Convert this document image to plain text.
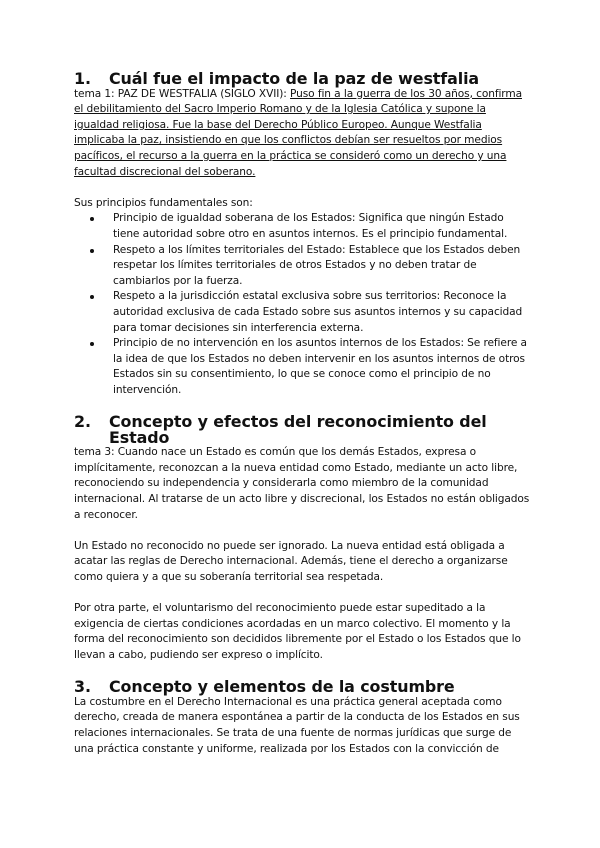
1. Cuál fue el impacto de la paz de westfalia

tema 1: PAZ DE WESTFALIA (SIGLO XVII): Puso fin a la guerra de los 30 años, confirma el debilitamiento del Sacro Imperio Romano y de la Iglesia Católica y supone la igualdad religiosa. Fue la base del Derecho Público Europeo. Aunque Westfalia implicaba la paz, insistiendo en que los conflictos debían ser resueltos por medios pacíficos, el recurso a la guerra en la práctica se consideró como un derecho y una facultad discrecional del soberano.

Sus principios fundamentales son:

Principio de igualdad soberana de los Estados: Significa que ningún Estado tiene autoridad sobre otro en asuntos internos. Es el principio fundamental.
Respeto a los límites territoriales del Estado: Establece que los Estados deben respetar los límites territoriales de otros Estados y no deben tratar de cambiarlos por la fuerza.
Respeto a la jurisdicción estatal exclusiva sobre sus territorios: Reconoce la autoridad exclusiva de cada Estado sobre sus asuntos internos y su capacidad para tomar decisiones sin interferencia externa.
Principio de no intervención en los asuntos internos de los Estados: Se refiere a la idea de que los Estados no deben intervenir en los asuntos internos de otros Estados sin su consentimiento, lo que se conoce como el principio de no intervención.
2. Concepto y efectos del reconocimiento del Estado

tema 3: Cuando nace un Estado es común que los demás Estados, expresa o implícitamente, reconozcan a la nueva entidad como Estado, mediante un acto libre, reconociendo su independencia y considerarla como miembro de la comunidad internacional. Al tratarse de un acto libre y discrecional, los Estados no están obligados a reconocer.

Un Estado no reconocido no puede ser ignorado. La nueva entidad está obligada a acatar las reglas de Derecho internacional. Además, tiene el derecho a organizarse como quiera y a que su soberanía territorial sea respetada.

Por otra parte, el voluntarismo del reconocimiento puede estar supeditado a la exigencia de ciertas condiciones acordadas en un marco colectivo. El momento y la forma del reconocimiento son decididos libremente por el Estado o los Estados que lo llevan a cabo, pudiendo ser expreso o implícito.

3. Concepto y elementos de la costumbre

La costumbre en el Derecho Internacional es una práctica general aceptada como derecho, creada de manera espontánea a partir de la conducta de los Estados en sus relaciones internacionales. Se trata de una fuente de normas jurídicas que surge de una práctica constante y uniforme, realizada por los Estados con la convicción de
